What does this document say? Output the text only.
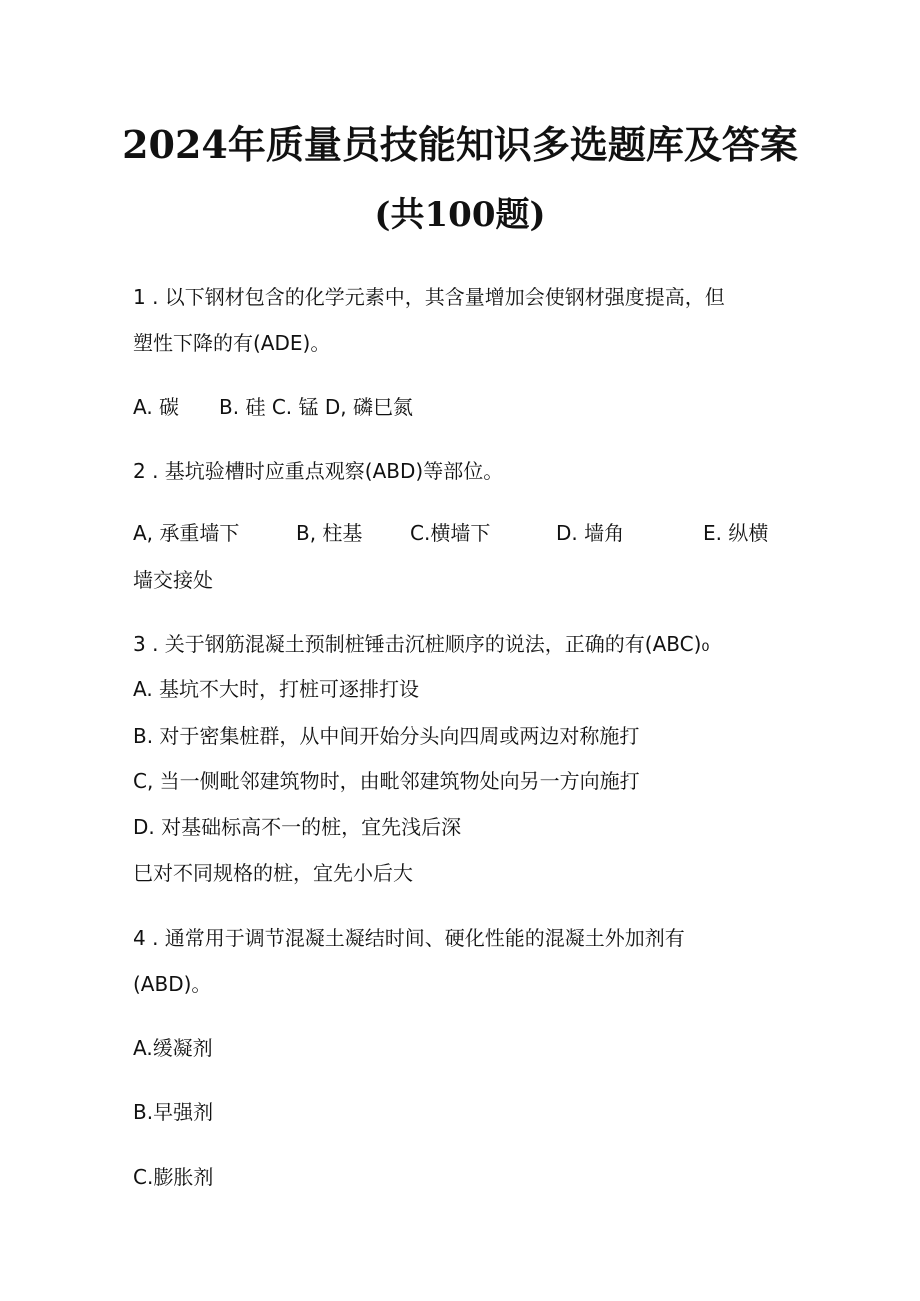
2024年质量员技能知识多选题库及答案
(共100题)
1 . 以下钢材包含的化学元素中，其含量增加会使钢材强度提高，但
塑性下降的有(ADE)。
A. 碳　　B. 硅 C. 锰 D, 磷巳氮
2 . 基坑验槽时应重点观察(ABD)等部位。
A, 承重墙下	B, 柱基 C.横墙下	D. 墙角	E. 纵横
墙交接处
3 . 关于钢筋混凝土预制桩锤击沉桩顺序的说法，正确的有(ABC)₀
A. 基坑不大时，打桩可逐排打设
B. 对于密集桩群，从中间开始分头向四周或两边对称施打
C, 当一侧毗邻建筑物时，由毗邻建筑物处向另一方向施打
D. 对基础标高不一的桩，宜先浅后深
巳对不同规格的桩，宜先小后大
4 . 通常用于调节混凝土凝结时间、硬化性能的混凝土外加剂有
(ABD)。
A.缓凝剂
B.早强剂
C.膨胀剂
